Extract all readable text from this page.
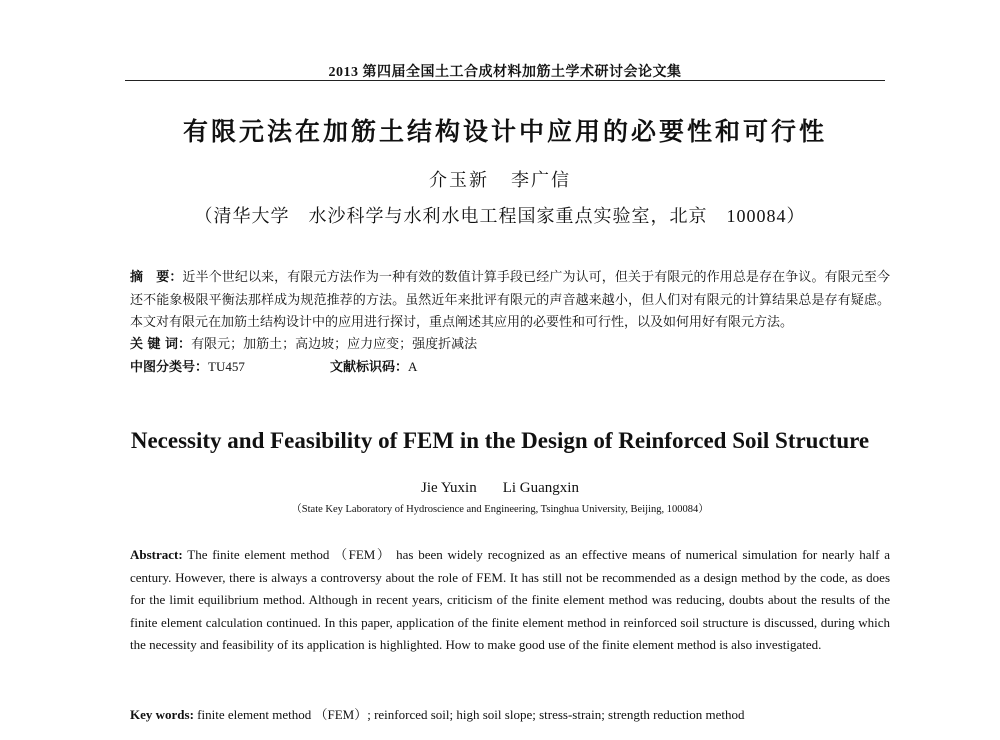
2013 第四届全国土工合成材料加筋土学术研讨会论文集
有限元法在加筋土结构设计中应用的必要性和可行性
介玉新 李广信
（清华大学　水沙科学与水利水电工程国家重点实验室，北京　100084）

摘　要：近半个世纪以来，有限元方法作为一种有效的数值计算手段已经广为认可，但关于有限元的作用总是存在争议。有限元至今还不能象极限平衡法那样成为规范推荐的方法。虽然近年来批评有限元的声音越来越小，但人们对有限元的计算结果总是存有疑虑。本文对有限元在加筋土结构设计中的应用进行探讨，重点阐述其应用的必要性和可行性，以及如何用好有限元方法。

关 键 词：有限元；加筋土；高边坡；应力应变；强度折减法

中图分类号：TU457	文献标识码：A
Necessity and Feasibility of FEM in the Design of Reinforced Soil Structure
Jie Yuxin Li Guangxin
（State Key Laboratory of Hydroscience and Engineering, Tsinghua University, Beijing, 100084）

Abstract: The finite element method （FEM） has been widely recognized as an effective means of numerical simulation for nearly half a century. However, there is always a controversy about the role of FEM. It has still not be recommended as a design method by the code, as does for the limit equilibrium method. Although in recent years, criticism of the finite element method was reducing, doubts about the results of the finite element calculation continued. In this paper, application of the finite element method in reinforced soil structure is discussed, during which the necessity and feasibility of its application is highlighted. How to make good use of the finite element method is also investigated.

Key words: finite element method （FEM）; reinforced soil; high soil slope; stress-strain; strength reduction method
